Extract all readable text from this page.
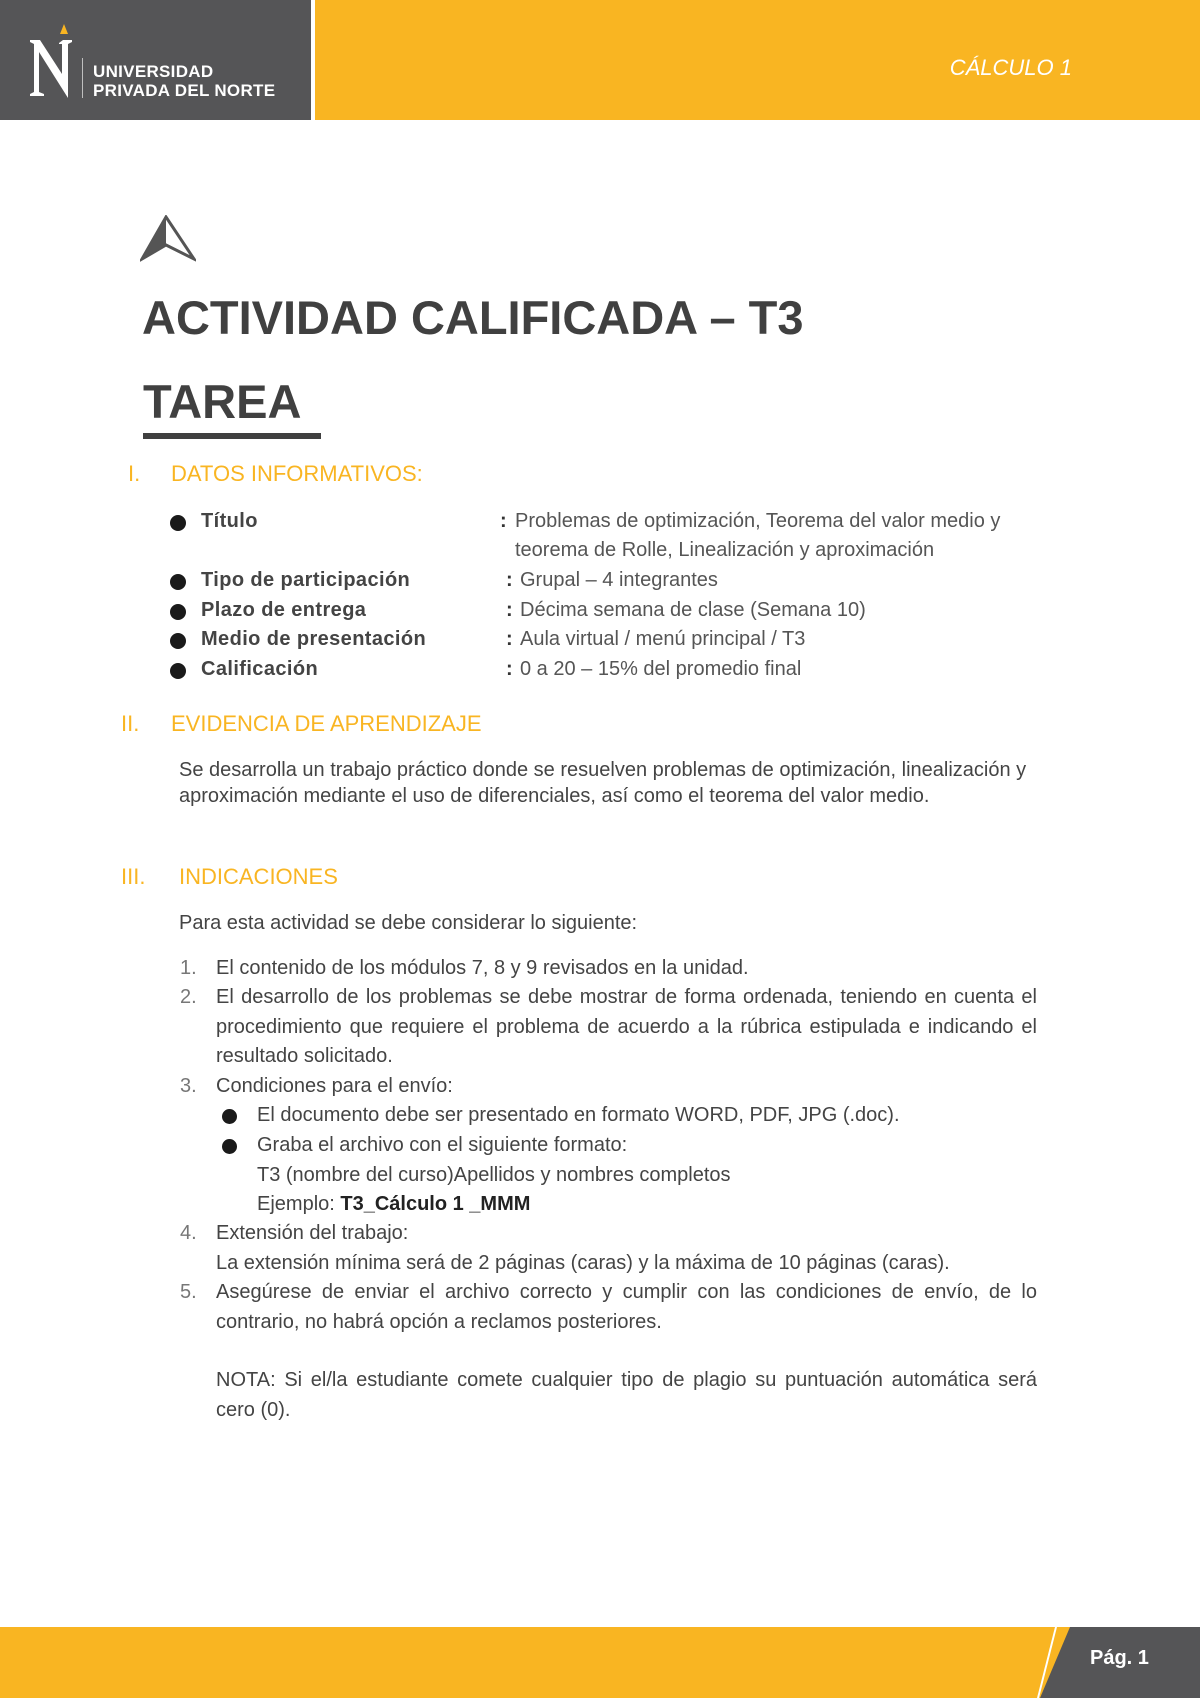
UNIVERSIDAD
PRIVADA DEL NORTE
CÁLCULO 1
ACTIVIDAD CALIFICADA – T3
TAREA
I. DATOS INFORMATIVOS:
Título	: Problemas de optimización, Teorema del valor medio y
teorema de Rolle, Linealización y aproximación
Tipo de participación	: Grupal – 4 integrantes
Plazo de entrega	: Décima semana de clase (Semana 10)
Medio de presentación	: Aula virtual / menú principal / T3
Calificación	: 0 a 20 – 15% del promedio final
II. EVIDENCIA DE APRENDIZAJE
Se desarrolla un trabajo práctico donde se resuelven problemas de optimización, linealización y aproximación mediante el uso de diferenciales, así como el teorema del valor medio.
III. INDICACIONES
Para esta actividad se debe considerar lo siguiente:
1. El contenido de los módulos 7, 8 y 9 revisados en la unidad.
2. El desarrollo de los problemas se debe mostrar de forma ordenada, teniendo en cuenta el procedimiento que requiere el problema de acuerdo a la rúbrica estipulada e indicando el resultado solicitado.
3. Condiciones para el envío:
El documento debe ser presentado en formato WORD, PDF, JPG (.doc).
Graba el archivo con el siguiente formato:
T3 (nombre del curso)Apellidos y nombres completos
Ejemplo: T3_Cálculo 1 _MMM
4. Extensión del trabajo:
La extensión mínima será de 2 páginas (caras) y la máxima de 10 páginas (caras).
5. Asegúrese de enviar el archivo correcto y cumplir con las condiciones de envío, de lo contrario, no habrá opción a reclamos posteriores.
NOTA: Si el/la estudiante comete cualquier tipo de plagio su puntuación automática será cero (0).
Pág. 1
